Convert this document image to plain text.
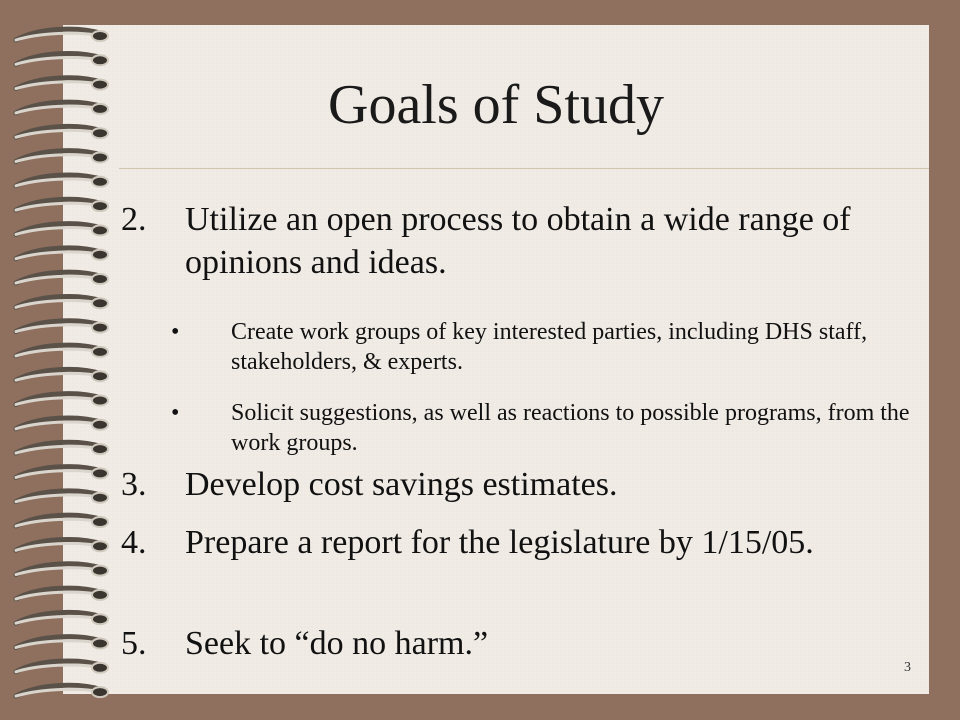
Goals of Study
2. Utilize an open process to obtain a wide range of opinions and ideas.
• Create work groups of key interested parties, including DHS staff, stakeholders, & experts.
• Solicit suggestions, as well as reactions to possible programs, from the work groups.
3. Develop cost savings estimates.
4. Prepare a report for the legislature by 1/15/05.
5. Seek to “do no harm.”
3
